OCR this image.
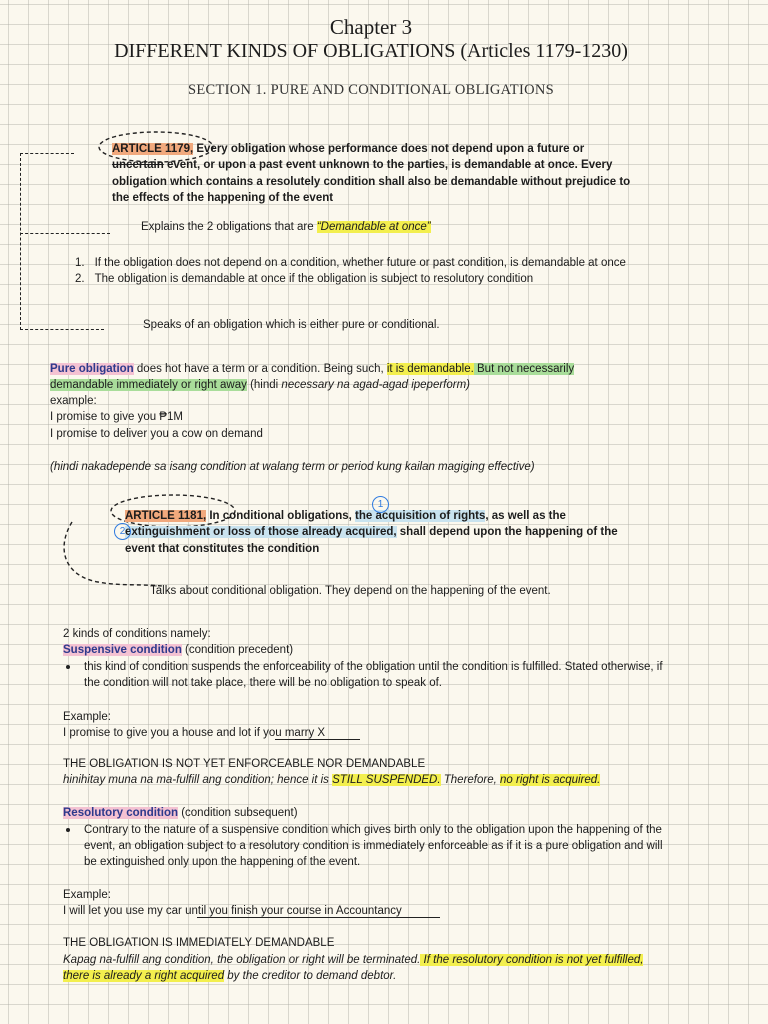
Chapter 3
DIFFERENT KINDS OF OBLIGATIONS (Articles 1179-1230)
SECTION 1. PURE AND CONDITIONAL OBLIGATIONS
ARTICLE 1179, Every obligation whose performance does not depend upon a future or
uncertain event, or upon a past event unknown to the parties, is demandable at once. Every
obligation which contains a resolutely condition shall also be demandable without prejudice to
the effects of the happening of the event
Explains the 2 obligations that are “Demandable at once”
1. If the obligation does not depend on a condition, whether future or past condition, is demandable at once
2. The obligation is demandable at once if the obligation is subject to resolutory condition
Speaks of an obligation which is either pure or conditional.
Pure obligation does hot have a term or a condition. Being such, it is demandable. But not necessarily
demandable immediately or right away (hindi necessary na agad-agad ipeperform)
example:
I promise to give you ₱1M
I promise to deliver you a cow on demand
(hindi nakadepende sa isang condition at walang term or period kung kailan magiging effective)
ARTICLE 1181, In conditional obligations, the acquisition of rights, as well as the
extinguishment or loss of those already acquired, shall depend upon the happening of the
event that constitutes the condition
1
2
Talks about conditional obligation. They depend on the happening of the event.
2 kinds of conditions namely:
Suspensive condition (condition precedent)
this kind of condition suspends the enforceability of the obligation until the condition is fulfilled. Stated otherwise, if
the condition will not take place, there will be no obligation to speak of.
Example:
I promise to give you a house and lot if you marry X
THE OBLIGATION IS NOT YET ENFORCEABLE NOR DEMANDABLE
hinihitay muna na ma-fulfill ang condition; hence it is STILL SUSPENDED. Therefore, no right is acquired.
Resolutory condition (condition subsequent)
Contrary to the nature of a suspensive condition which gives birth only to the obligation upon the happening of the
event, an obligation subject to a resolutory condition is immediately enforceable as if it is a pure obligation and will
be extinguished only upon the happening of the event.
Example:
I will let you use my car until you finish your course in Accountancy
THE OBLIGATION IS IMMEDIATELY DEMANDABLE
Kapag na-fulfill ang condition, the obligation or right will be terminated. If the resolutory condition is not yet fulfilled,
there is already a right acquired by the creditor to demand debtor.
